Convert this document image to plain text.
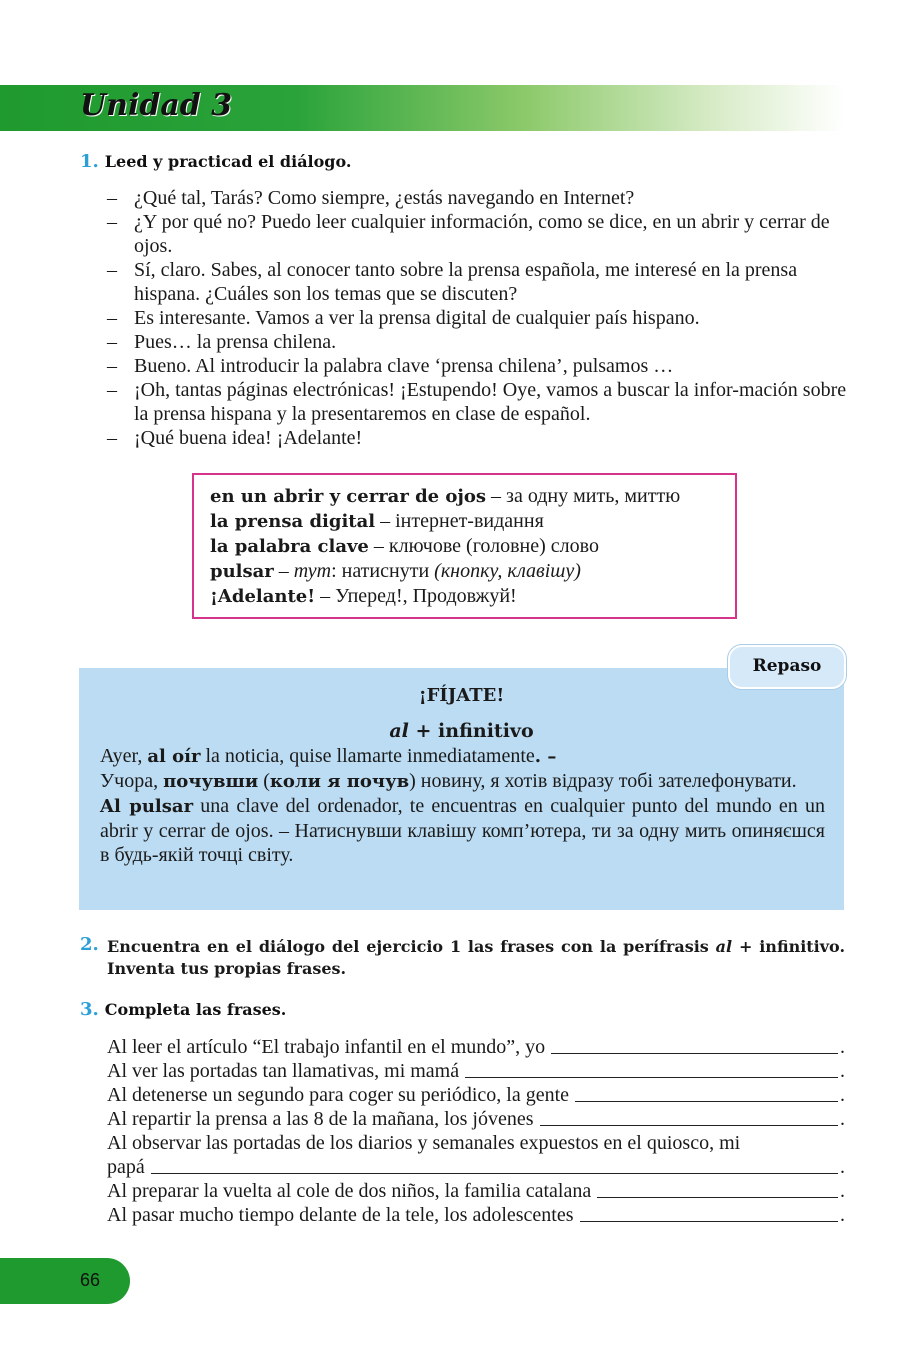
Unidad 3

1. Leed y practicad el diálogo.

– ¿Qué tal, Tarás? Como siempre, ¿estás navegando en Internet?
– ¿Y por qué no? Puedo leer cualquier información, como se dice, en un abrir y cerrar de ojos.
– Sí, claro. Sabes, al conocer tanto sobre la prensa española, me interesé en la prensa hispana. ¿Cuáles son los temas que se discuten?
– Es interesante. Vamos a ver la prensa digital de cualquier país hispano.
– Pues… la prensa chilena.
– Bueno. Al introducir la palabra clave ‘prensa chilena’, pulsamos …
– ¡Oh, tantas páginas electrónicas! ¡Estupendo! Oye, vamos a buscar la infor-mación sobre la prensa hispana y la presentaremos en clase de español.
– ¡Qué buena idea! ¡Adelante!
en un abrir y cerrar de ojos – за одну мить, миттю
la prensa digital – інтернет-видання
la palabra clave – ключове (головне) слово
pulsar – тут: натиснути (кнопку, клавішу)
¡Adelante! – Уперед!, Продовжуй!
Repaso

¡FÍJATE!

al + infinitivo

Ayer, al oír la noticia, quise llamarte inmediatamente. –

Учора, почувши (коли я почув) новину, я хотів відразу тобі зателефонувати.

Al pulsar una clave del ordenador, te encuentras en cualquier punto del mundo en un abrir y cerrar de ojos. – Натиснувши клавішу комп’ютера, ти за одну мить опиняєшся в будь-якій точці світу.

2. Encuentra en el diálogo del ejercicio 1 las frases con la perífrasis al + infinitivo. Inventa tus propias frases.

3. Completa las frases.

Al leer el artículo “El trabajo infantil en el mundo”, yo	.
Al ver las portadas tan llamativas, mi mamá	.
Al detenerse un segundo para coger su periódico, la gente	.
Al repartir la prensa a las 8 de la mañana, los jóvenes	.
Al observar las portadas de los diarios y semanales expuestos en el quiosco, mi
papá	.
Al preparar la vuelta al cole de dos niños, la familia catalana	.
Al pasar mucho tiempo delante de la tele, los adolescentes	.
66
